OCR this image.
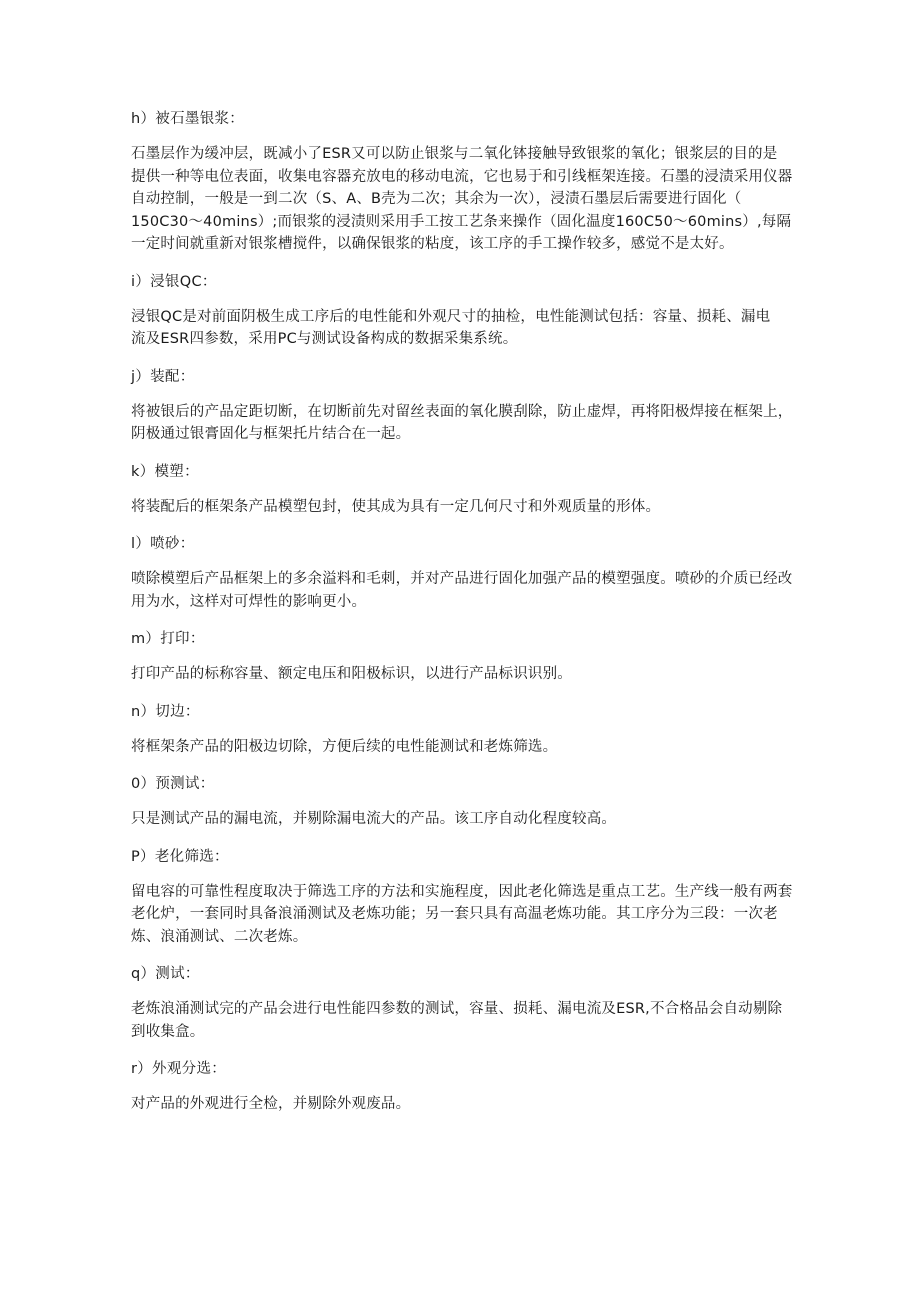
h）被石墨银浆：

石墨层作为缓冲层，既减小了ESR又可以防止银浆与二氧化钵接触导致银浆的氧化；银浆层的目的是
提供一种等电位表面，收集电容器充放电的移动电流，它也易于和引线框架连接。石墨的浸渍采用仪器
自动控制，一般是一到二次（S、A、B壳为二次；其余为一次），浸渍石墨层后需要进行固化（
150C30～40mins）;而银浆的浸渍则采用手工按工艺条来操作（固化温度160C50～60mins）,每隔
一定时间就重新对银浆槽搅件，以确保银浆的粘度，该工序的手工操作较多，感觉不是太好。

i）浸银QC：

浸银QC是对前面阴极生成工序后的电性能和外观尺寸的抽检，电性能测试包括：容量、损耗、漏电
流及ESR四参数，采用PC与测试设备构成的数据采集系统。

j）装配：

将被银后的产品定距切断，在切断前先对留丝表面的氧化膜刮除，防止虚焊，再将阳极焊接在框架上，
阴极通过银膏固化与框架托片结合在一起。

k）模塑：

将装配后的框架条产品模塑包封，使其成为具有一定几何尺寸和外观质量的形体。

l）喷砂：

喷除模塑后产品框架上的多余溢料和毛刺，并对产品进行固化加强产品的模塑强度。喷砂的介质已经改
用为水，这样对可焊性的影响更小。

m）打印：

打印产品的标称容量、额定电压和阳极标识，以进行产品标识识别。

n）切边：

将框架条产品的阳极边切除，方便后续的电性能测试和老炼筛选。

0）预测试：

只是测试产品的漏电流，并剔除漏电流大的产品。该工序自动化程度较高。

P）老化筛选：

留电容的可靠性程度取决于筛选工序的方法和实施程度，因此老化筛选是重点工艺。生产线一般有两套
老化炉，一套同时具备浪涌测试及老炼功能；另一套只具有高温老炼功能。其工序分为三段：一次老
炼、浪涌测试、二次老炼。

q）测试：

老炼浪涌测试完的产品会进行电性能四参数的测试，容量、损耗、漏电流及ESR,不合格品会自动剔除
到收集盒。

r）外观分选：

对产品的外观进行全检，并剔除外观废品。
